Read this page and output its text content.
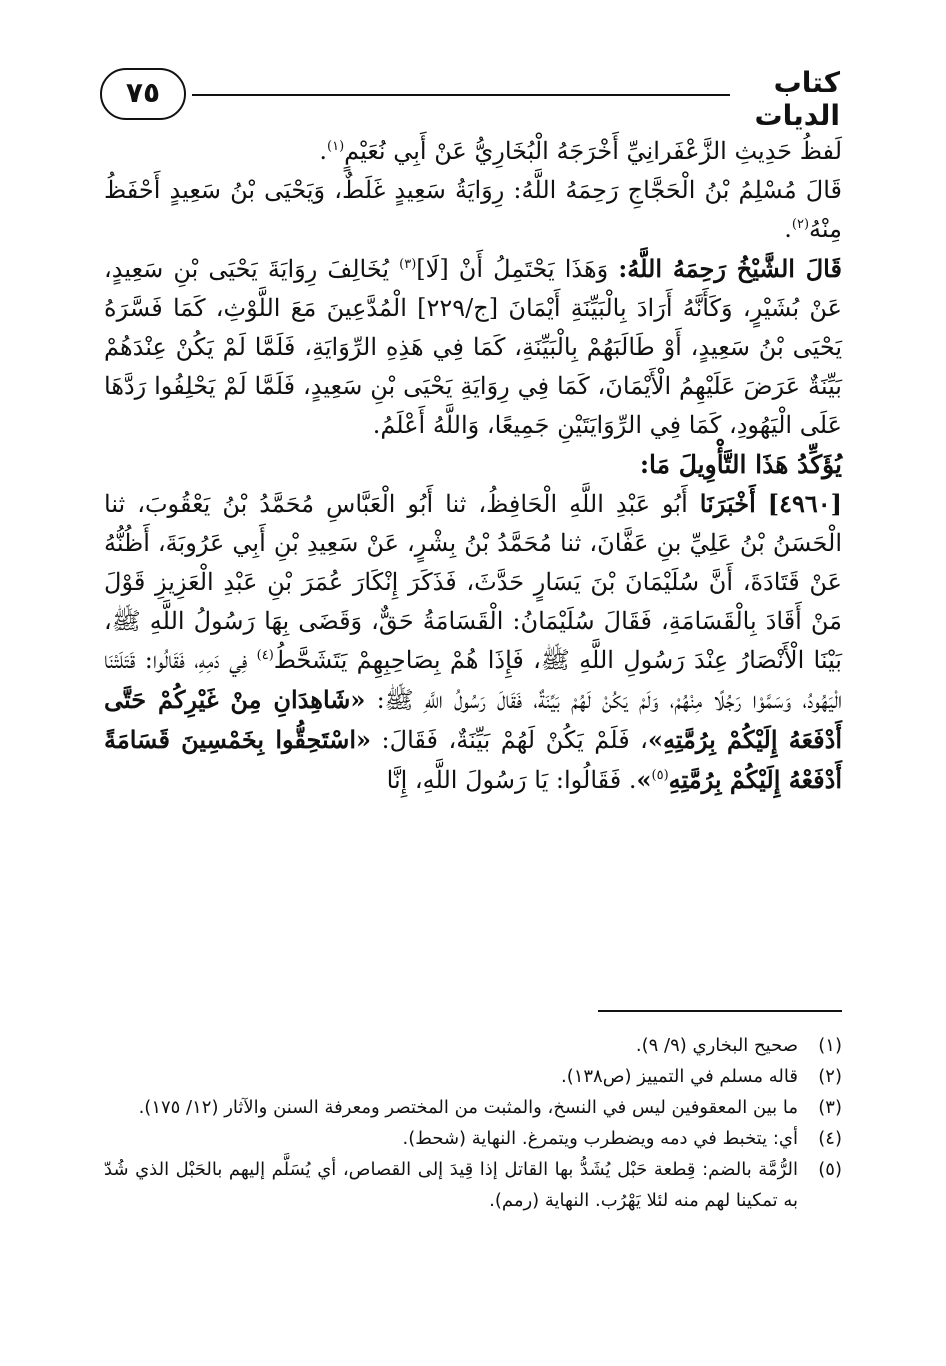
٧٥	كتاب الديات

لَفظُ حَدِيثِ الزَّعْفَرانِيِّ أَخْرَجَهُ الْبُخَارِيُّ عَنْ أَبِي نُعَيْمٍ$^{(١)}$.

قَالَ مُسْلِمُ بْنُ الْحَجَّاجِ رَحِمَهُ اللَّهُ: رِوَايَةُ سَعِيدٍ غَلَطٌ، وَيَحْيَى بْنُ سَعِيدٍ أَحْفَظُ مِنْهُ$^{(٢)}$.

قَالَ الشَّيْخُ رَحِمَهُ اللَّهُ: وَهَذَا يَحْتَمِلُ أَنْ [لَا]$^{(٣)}$ يُخَالِفَ رِوَايَةَ يَحْيَى بْنِ سَعِيدٍ، عَنْ بُشَيْرٍ، وَكَأَنَّهُ أَرَادَ بِالْبَيِّنَةِ أَيْمَانَ [ج/٢٢٩] الْمُدَّعِينَ مَعَ اللَّوْثِ، كَمَا فَسَّرَهُ يَحْيَى بْنُ سَعِيدٍ، أَوْ طَالَبَهُمْ بِالْبَيِّنَةِ، كَمَا فِي هَذِهِ الرِّوَايَةِ، فَلَمَّا لَمْ يَكُنْ عِنْدَهُمْ بَيِّنَةٌ عَرَضَ عَلَيْهِمُ الْأَيْمَانَ، كَمَا فِي رِوَايَةِ يَحْيَى بْنِ سَعِيدٍ، فَلَمَّا لَمْ يَحْلِفُوا رَدَّهَا عَلَى الْيَهُودِ، كَمَا فِي الرِّوَايَتَيْنِ جَمِيعًا، وَاللَّهُ أَعْلَمُ.

يُؤَكِّدُ هَذَا التَّأْوِيلَ مَا:

[٤٩٦٠] أَخْبَرَنَا أَبُو عَبْدِ اللَّهِ الْحَافِظُ، ثنا أَبُو الْعَبَّاسِ مُحَمَّدُ بْنُ يَعْقُوبَ، ثنا الْحَسَنُ بْنُ عَلِيِّ بنِ عَفَّانَ، ثنا مُحَمَّدُ بْنُ بِشْرٍ، عَنْ سَعِيدِ بْنِ أَبِي عَرُوبَةَ، أَظُنُّهُ عَنْ قَتَادَةَ، أَنَّ سُلَيْمَانَ بْنَ يَسَارٍ حَدَّثَ، فَذَكَرَ إِنْكَارَ عُمَرَ بْنِ عَبْدِ الْعَزِيزِ قَوْلَ مَنْ أَقَادَ بِالْقَسَامَةِ، فَقَالَ سُلَيْمَانُ: الْقَسَامَةُ حَقٌّ، وَقَضَى بِهَا رَسُولُ اللَّهِ ﷺ، بَيْنَا الْأَنْصَارُ عِنْدَ رَسُولِ اللَّهِ ﷺ، فَإِذَا هُمْ بِصَاحِبِهِمْ يَتَشَحَّطُ$^{(٤)}$ فِي دَمِهِ، فَقَالُوا: قَتَلَتْنَا الْيَهُودُ، وَسَمَّوْا رَجُلًا مِنْهُمْ، وَلَمْ يَكُنْ لَهُمْ بَيِّنَةٌ، فَقَالَ رَسُولُ اللَّهِ ﷺ: «شَاهِدَانِ مِنْ غَيْرِكُمْ حَتَّى أَدْفَعَهُ إِلَيْكُمْ بِرُمَّتِهِ»، فَلَمْ يَكُنْ لَهُمْ بَيِّنَةٌ، فَقَالَ: «اسْتَحِقُّوا بِخَمْسِينَ قَسَامَةً أَدْفَعْهُ إِلَيْكُمْ بِرُمَّتِهِ$^{(٥)}$». فَقَالُوا: يَا رَسُولَ اللَّهِ، إِنَّا

(١)
صحيح البخاري (٩/ ٩).

(٢)
قاله مسلم في التمييز (ص١٣٨).

(٣)
ما بين المعقوفين ليس في النسخ، والمثبت من المختصر ومعرفة السنن والآثار (١٢/ ١٧٥).

(٤)
أي: يتخبط في دمه ويضطرب ويتمرغ. النهاية (شحط).

(٥)
الرُّمَّة بالضم: قِطعة حَبْل يُشَدُّ بها القاتل إذا قِيدَ إلى القصاص، أي يُسَلَّم إليهم بالحَبْل الذي شُدّ به تمكينا لهم منه لئلا يَهْرُب. النهاية (رمم).
